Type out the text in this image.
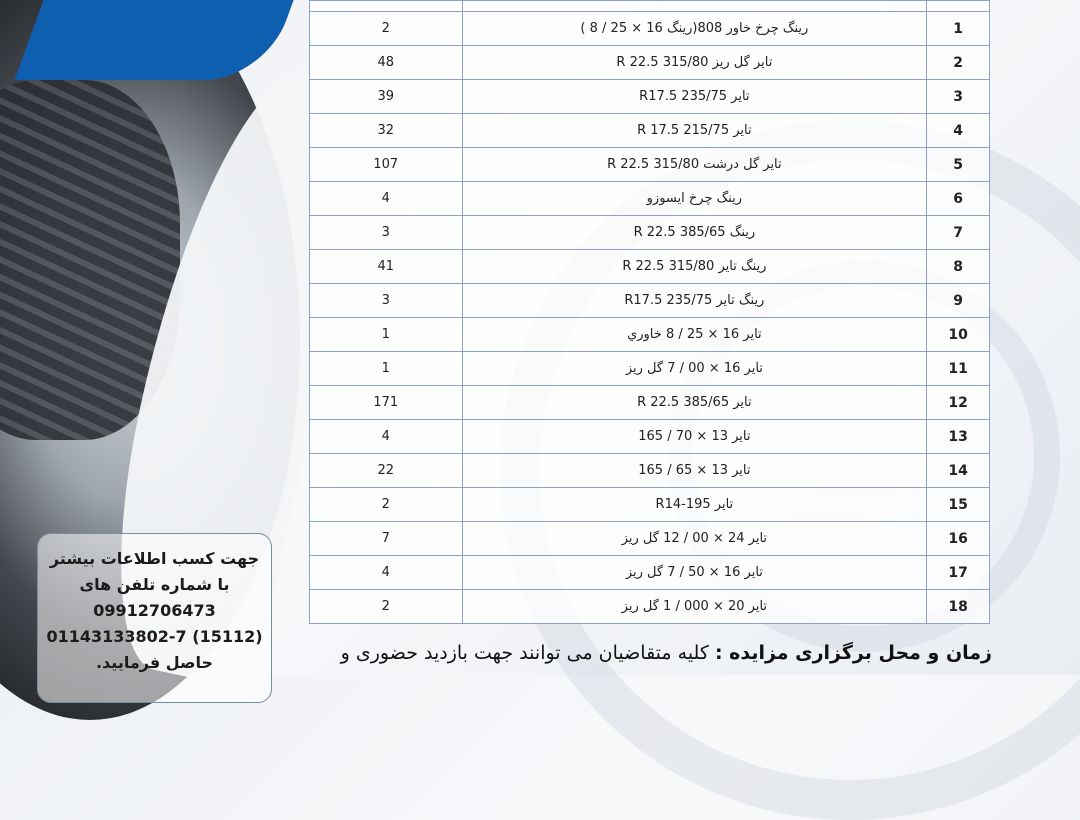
1	رینگ چرخ خاور 808(رینگ 16 × 25 / 8 )	2
2	تایر گل ریز 315/80 R 22.5	48
3	تایر 235/75 R17.5	39
4	تایر 215/75 R 17.5	32
5	تایر گل درشت 315/80 R 22.5	107
6	رینگ چرخ ایسوزو	4
7	رینگ 385/65 R 22.5	3
8	رینگ تایر 315/80 R 22.5	41
9	رینگ تایر 235/75 R17.5	3
10	تایر 16 × 25 / 8 خاوري	1
11	تایر 16 × 00 / 7 گل ریز	1
12	تایر 385/65 R 22.5	171
13	تایر 13 × 70 / 165	4
14	تایر 13 × 65 / 165	22
15	تایر 195-R14	2
16	تایر 24 × 00 / 12 گل ریز	7
17	تایر 16 × 50 / 7 گل ریز	4
18	تایر 20 × 000 / 1 گل ریز	2
زمان و محل برگزاری مزایده : کلیه متقاضیان می توانند جهت بازدید حضوری و
جهت کسب اطلاعات بیشتر
با شماره تلفن های
09912706473
01143133802-7 (15112)
حاصل فرمایید.
